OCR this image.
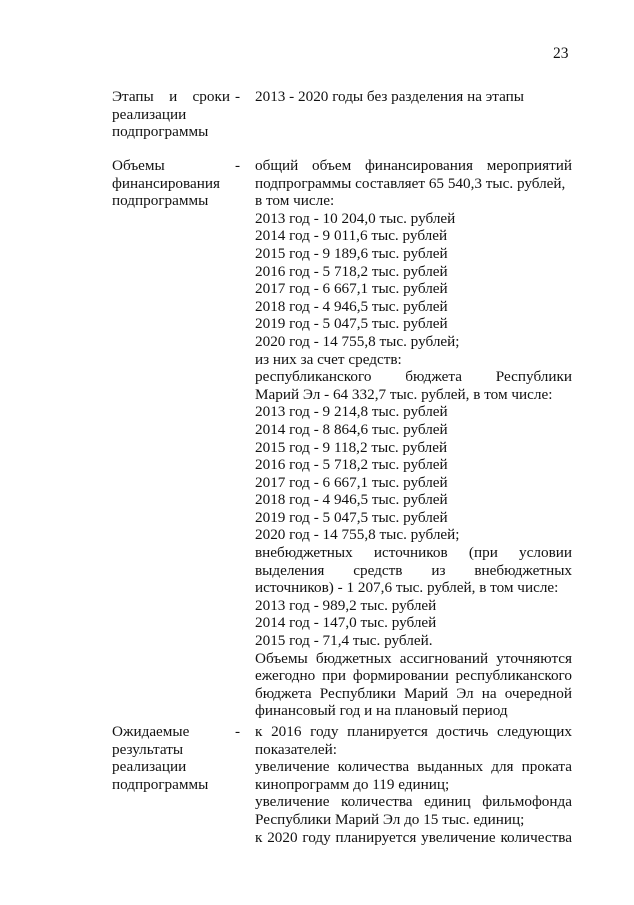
23
Этапы и сроки
реализации
подпрограммы
- 2013 - 2020 годы без разделения на этапы
Объемы
финансирования
подпрограммы
- общий объем финансирования мероприятий
подпрограммы составляет 65 540,3 тыс. рублей,
в том числе:
2013 год - 10 204,0 тыс. рублей
2014 год - 9 011,6 тыс. рублей
2015 год - 9 189,6 тыс. рублей
2016 год - 5 718,2 тыс. рублей
2017 год - 6 667,1 тыс. рублей
2018 год - 4 946,5 тыс. рублей
2019 год - 5 047,5 тыс. рублей
2020 год - 14 755,8 тыс. рублей;
из них за счет средств:
республиканского бюджета Республики
Марий Эл - 64 332,7 тыс. рублей, в том числе:
2013 год - 9 214,8 тыс. рублей
2014 год - 8 864,6 тыс. рублей
2015 год - 9 118,2 тыс. рублей
2016 год - 5 718,2 тыс. рублей
2017 год - 6 667,1 тыс. рублей
2018 год - 4 946,5 тыс. рублей
2019 год - 5 047,5 тыс. рублей
2020 год - 14 755,8 тыс. рублей;
внебюджетных источников (при условии
выделения средств из внебюджетных
источников) - 1 207,6 тыс. рублей, в том числе:
2013 год - 989,2 тыс. рублей
2014 год - 147,0 тыс. рублей
2015 год - 71,4 тыс. рублей.
Объемы бюджетных ассигнований уточняются
ежегодно при формировании республиканского
бюджета Республики Марий Эл на очередной
финансовый год и на плановый период
Ожидаемые
результаты
реализации
подпрограммы
- к 2016 году планируется достичь следующих
показателей:
увеличение количества выданных для проката
кинопрограмм до 119 единиц;
увеличение количества единиц фильмофонда
Республики Марий Эл до 15 тыс. единиц;
к 2020 году планируется увеличение количества
